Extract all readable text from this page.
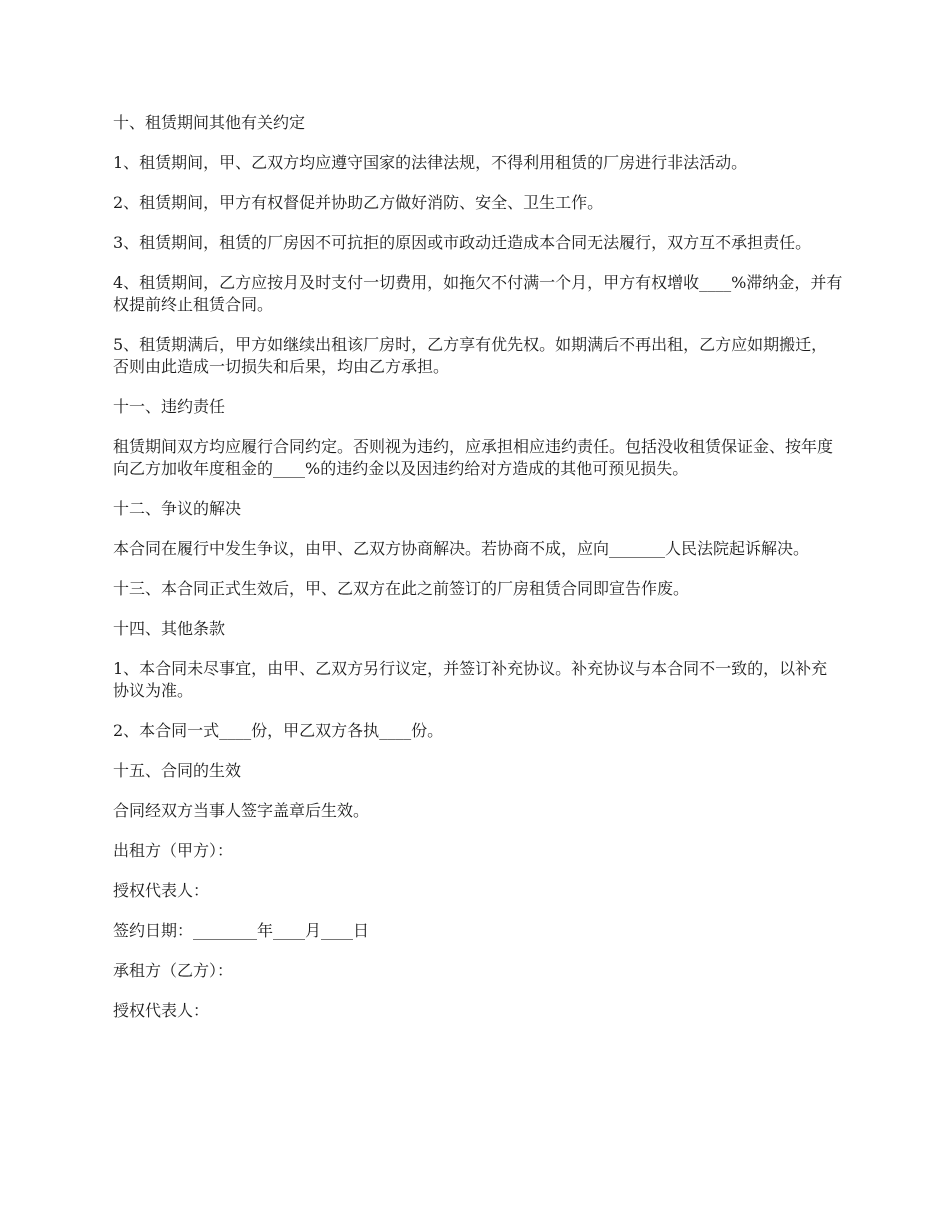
十、租赁期间其他有关约定

1、租赁期间，甲、乙双方均应遵守国家的法律法规，不得利用租赁的厂房进行非法活动。

2、租赁期间，甲方有权督促并协助乙方做好消防、安全、卫生工作。

3、租赁期间，租赁的厂房因不可抗拒的原因或市政动迁造成本合同无法履行，双方互不承担责任。

4、租赁期间，乙方应按月及时支付一切费用，如拖欠不付满一个月，甲方有权增收____%滞纳金，并有权提前终止租赁合同。

5、租赁期满后，甲方如继续出租该厂房时，乙方享有优先权。如期满后不再出租，乙方应如期搬迁，否则由此造成一切损失和后果，均由乙方承担。

十一、违约责任

租赁期间双方均应履行合同约定。否则视为违约，应承担相应违约责任。包括没收租赁保证金、按年度向乙方加收年度租金的____%的违约金以及因违约给对方造成的其他可预见损失。

十二、争议的解决

本合同在履行中发生争议，由甲、乙双方协商解决。若协商不成，应向_______人民法院起诉解决。

十三、本合同正式生效后，甲、乙双方在此之前签订的厂房租赁合同即宣告作废。

十四、其他条款

1、本合同未尽事宜，由甲、乙双方另行议定，并签订补充协议。补充协议与本合同不一致的，以补充协议为准。

2、本合同一式____份，甲乙双方各执____份。

十五、合同的生效

合同经双方当事人签字盖章后生效。

出租方（甲方）：

授权代表人：

签约日期：________年____月____日

承租方（乙方）：

授权代表人：
